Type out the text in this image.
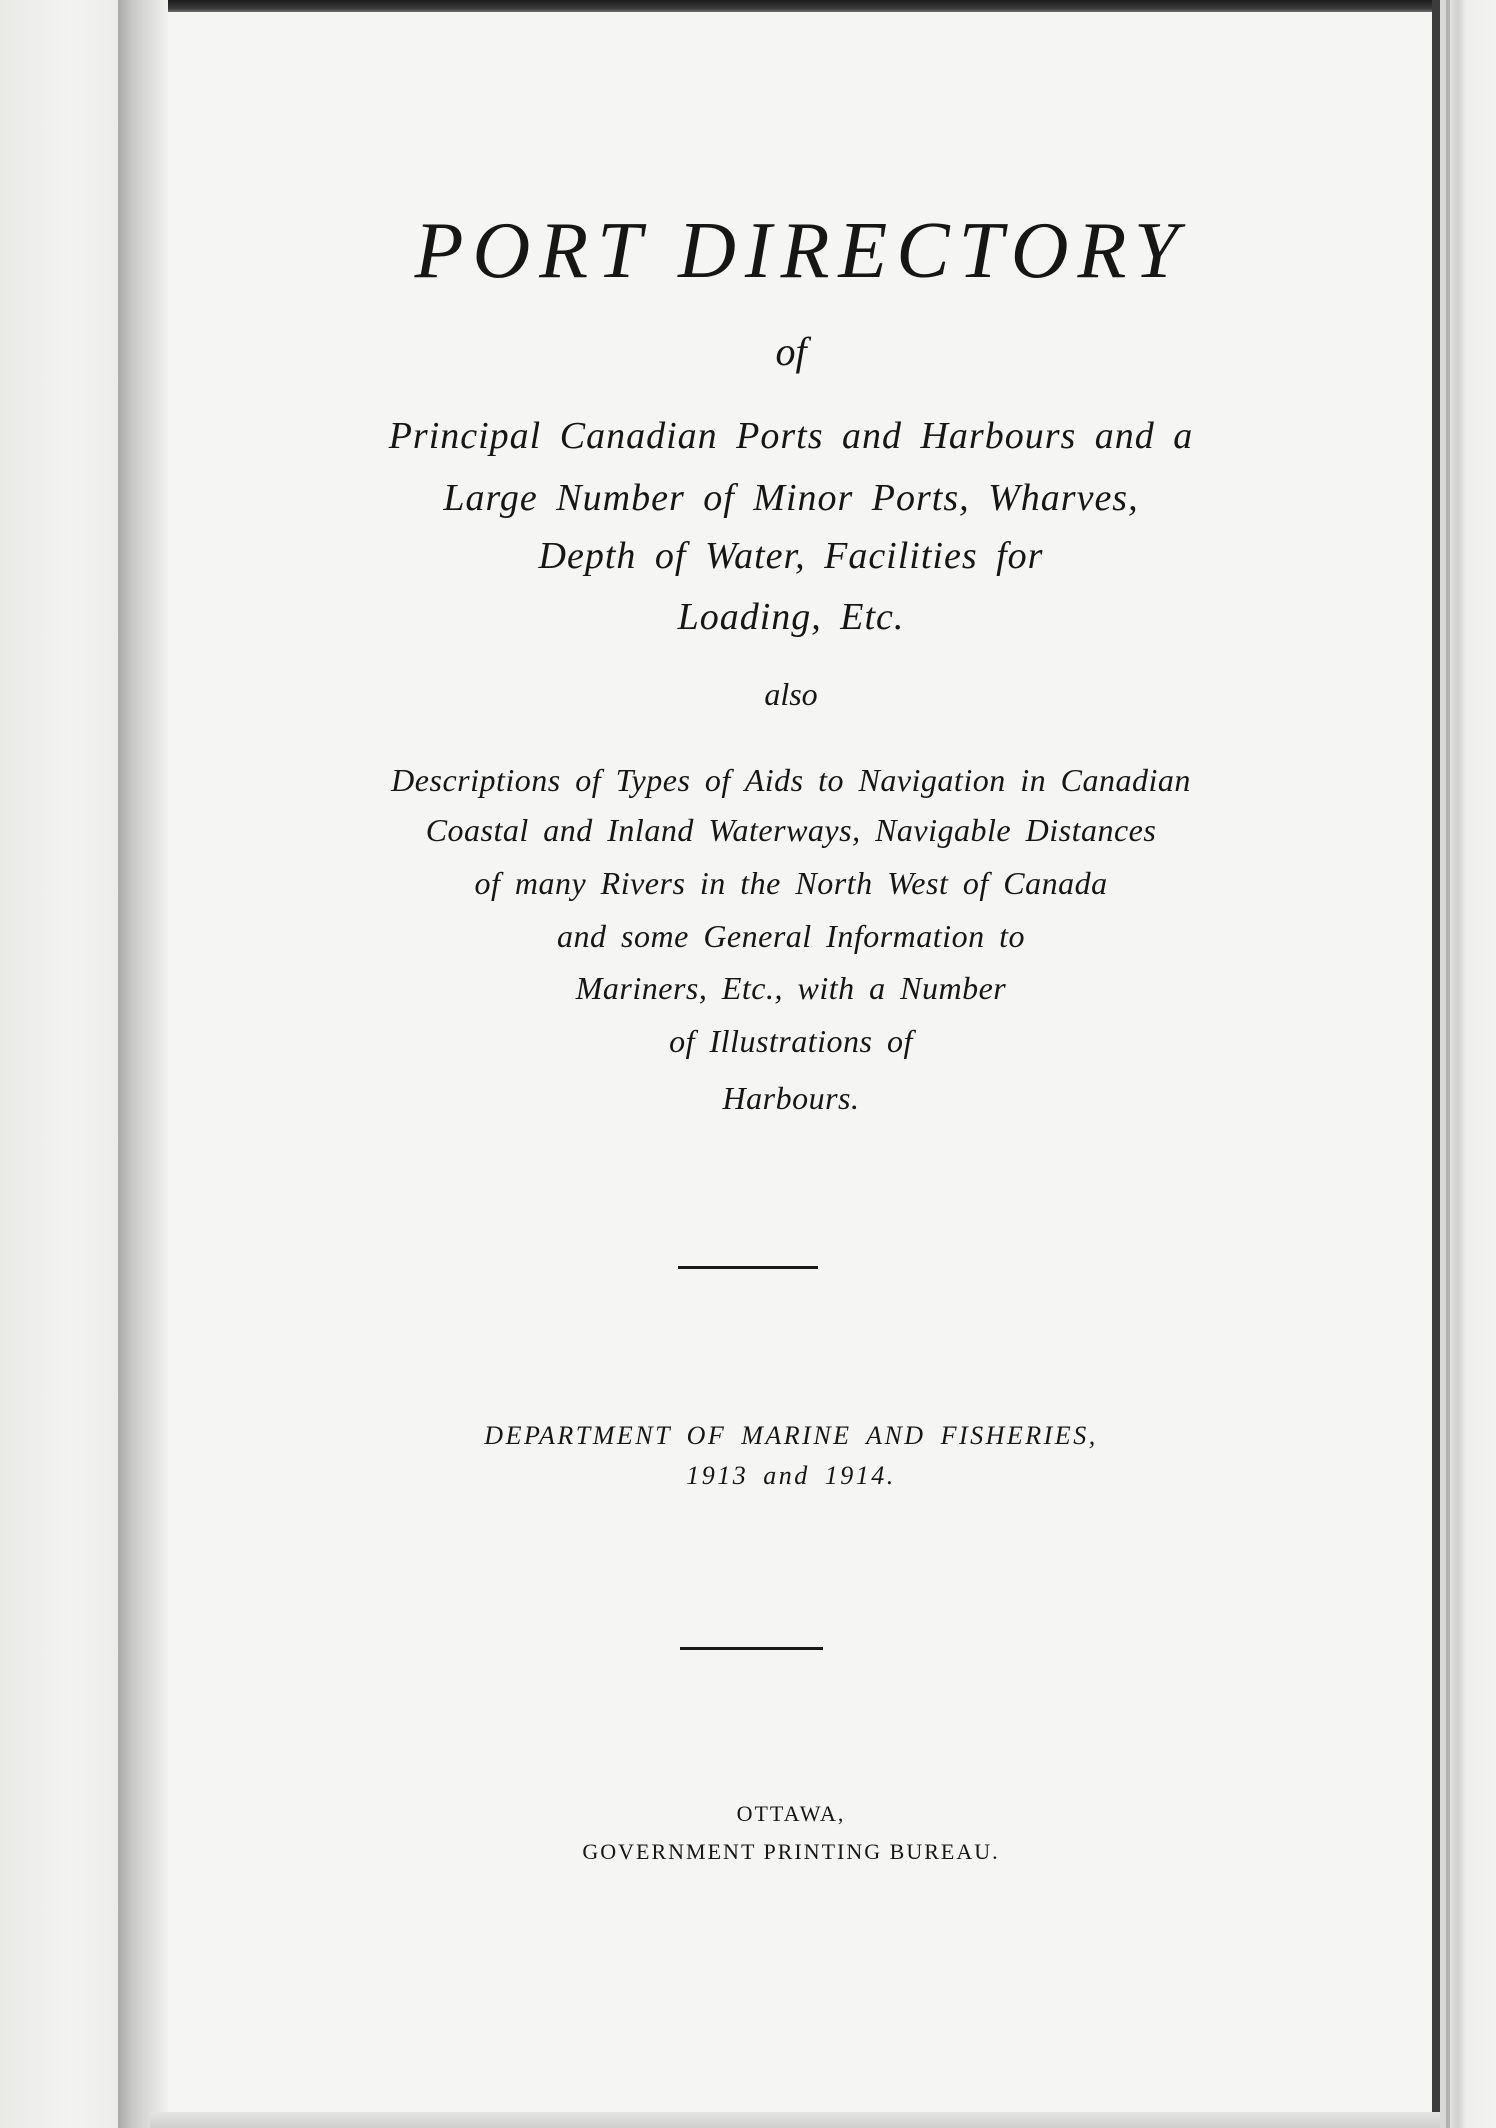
PORT DIRECTORY

of

Principal Canadian Ports and Harbours and a

Large Number of Minor Ports, Wharves,

Depth of Water, Facilities for

Loading, Etc.

also

Descriptions of Types of Aids to Navigation in Canadian

Coastal and Inland Waterways, Navigable Distances

of many Rivers in the North West of Canada

and some General Information to

Mariners, Etc., with a Number

of Illustrations of

Harbours.

DEPARTMENT OF MARINE AND FISHERIES,

1913 and 1914.

OTTAWA,

GOVERNMENT PRINTING BUREAU.
